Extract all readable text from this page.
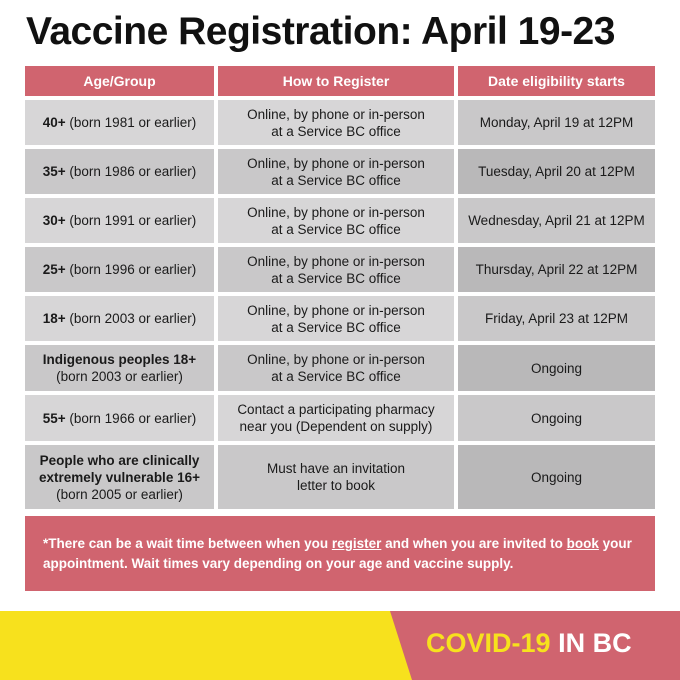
Vaccine Registration: April 19-23
Age/Group	How to Register	Date eligibility starts
40+ (born 1981 or earlier)
Online, by phone or in-person
at a Service BC office
Monday, April 19 at 12PM
35+ (born 1986 or earlier)
Online, by phone or in-person
at a Service BC office
Tuesday, April 20 at 12PM
30+ (born 1991 or earlier)
Online, by phone or in-person
at a Service BC office
Wednesday, April 21 at 12PM
25+ (born 1996 or earlier)
Online, by phone or in-person
at a Service BC office
Thursday, April 22 at 12PM
18+ (born 2003 or earlier)
Online, by phone or in-person
at a Service BC office
Friday, April 23 at 12PM
Indigenous peoples 18+
(born 2003 or earlier)
Online, by phone or in-person
at a Service BC office
Ongoing
55+ (born 1966 or earlier)
Contact a participating pharmacy
near you (Dependent on supply)
Ongoing
People who are clinically
extremely vulnerable 16+
(born 2005 or earlier)
Must have an invitation
letter to book
Ongoing
*There can be a wait time between when you register and when you are invited to book your appointment. Wait times vary depending on your age and vaccine supply.
COVID-19 IN BC
